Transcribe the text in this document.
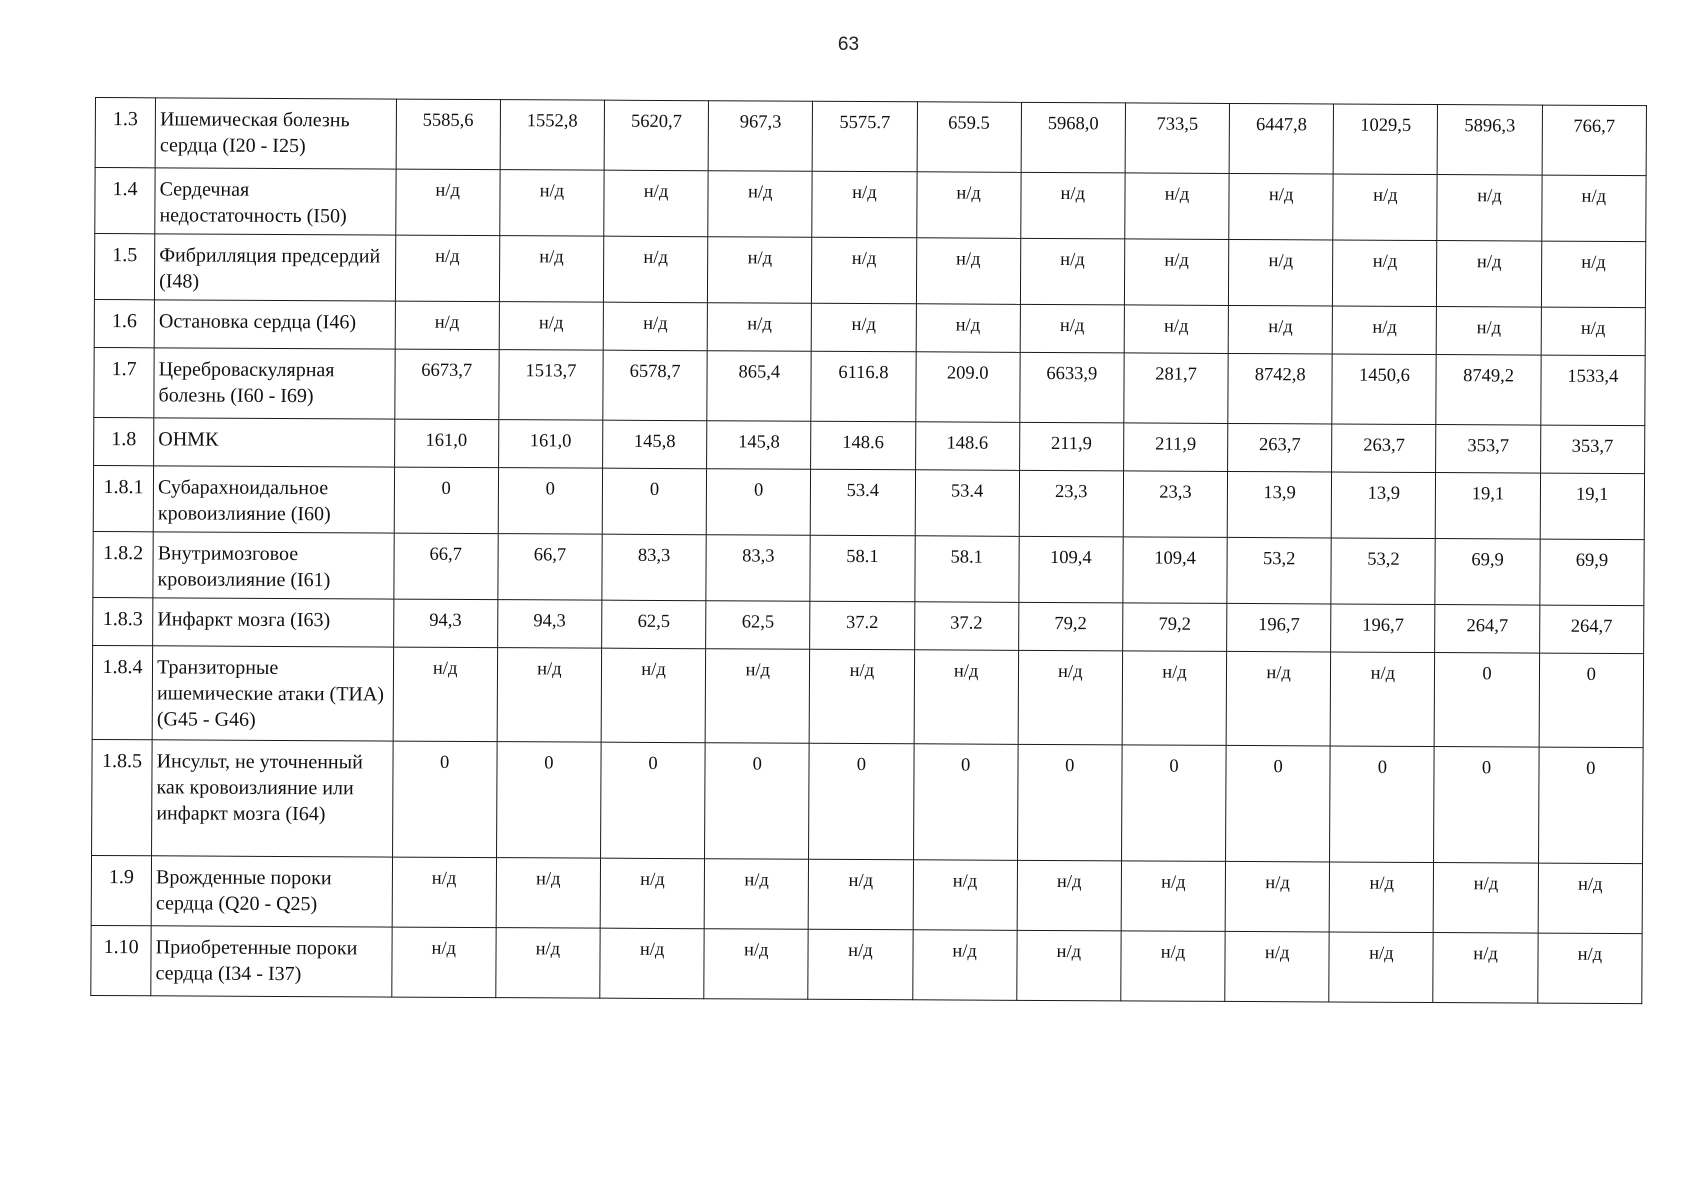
63
1.3	Ишемическая болезнь сердца (I20 - I25)	5585,6	1552,8	5620,7	967,3	5575.7	659.5	5968,0	733,5	6447,8	1029,5	5896,3	766,7
1.4	Сердечная недостаточность (I50)	н/д	н/д	н/д	н/д	н/д	н/д	н/д	н/д	н/д	н/д	н/д	н/д
1.5	Фибрилляция предсердий (I48)	н/д	н/д	н/д	н/д	н/д	н/д	н/д	н/д	н/д	н/д	н/д	н/д
1.6	Остановка сердца (I46)	н/д	н/д	н/д	н/д	н/д	н/д	н/д	н/д	н/д	н/д	н/д	н/д
1.7	Цереброваскулярная болезнь (I60 - I69)	6673,7	1513,7	6578,7	865,4	6116.8	209.0	6633,9	281,7	8742,8	1450,6	8749,2	1533,4
1.8	ОНМК	161,0	161,0	145,8	145,8	148.6	148.6	211,9	211,9	263,7	263,7	353,7	353,7
1.8.1	Субарахноидальное кровоизлияние (I60)	0	0	0	0	53.4	53.4	23,3	23,3	13,9	13,9	19,1	19,1
1.8.2	Внутримозговое кровоизлияние (I61)	66,7	66,7	83,3	83,3	58.1	58.1	109,4	109,4	53,2	53,2	69,9	69,9
1.8.3	Инфаркт мозга (I63)	94,3	94,3	62,5	62,5	37.2	37.2	79,2	79,2	196,7	196,7	264,7	264,7
1.8.4	Транзиторные ишемические атаки (ТИА) (G45 - G46)	н/д	н/д	н/д	н/д	н/д	н/д	н/д	н/д	н/д	н/д	0	0
1.8.5	Инсульт, не уточненный как кровоизлияние или инфаркт мозга (I64)	0	0	0	0	0	0	0	0	0	0	0	0
1.9	Врожденные пороки сердца (Q20 - Q25)	н/д	н/д	н/д	н/д	н/д	н/д	н/д	н/д	н/д	н/д	н/д	н/д
1.10	Приобретенные пороки сердца (I34 - I37)	н/д	н/д	н/д	н/д	н/д	н/д	н/д	н/д	н/д	н/д	н/д	н/д
